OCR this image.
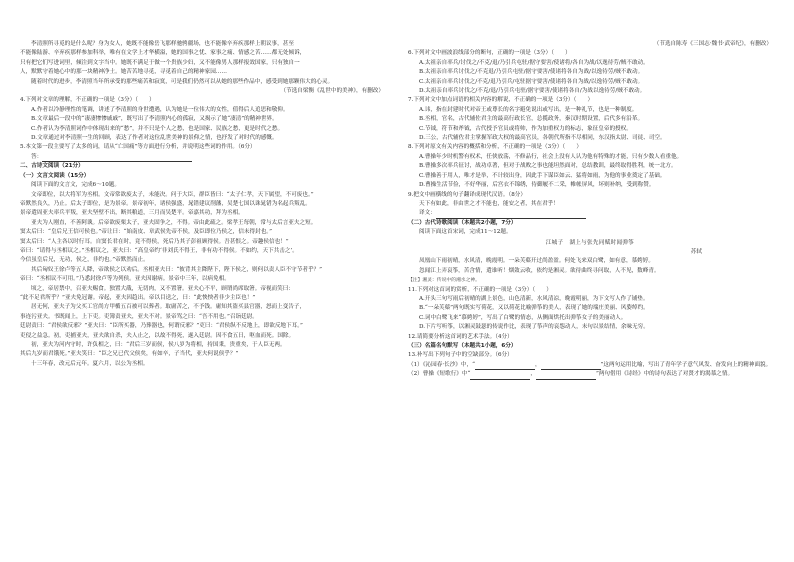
李清照所寻觅的是什么呢？身为女人，她既不能像岳飞那样驰骋疆场，也不能像辛弃疾那样上朝议事，甚至

不能像陆游、辛弃疾那样参加科举，唯有在文学上才华横溢，她的国事之忧、家事之痛、情感之苦……都无处倾诉，

只有把它们写进词里，倾注到文字当中。她既不满足于做一个贵族少妇，又不能像男人那样报效国家，只有独自一

人，默默守着她心中的那一块精神净土。她苦苦地寻觅，寻觅着自己的精神家园……

随着时代的进步，李清照当年所承受的那些痛苦和寂寞，可是我们仍然可以从她的那些作品中，感受到她那颗伟大的心灵。

（节选自梁衡《乱世中的美神》，有删改）

4.下列对文章的理解，不正确的一项是（3分）（　　）

A.作者以冷静理性的笔调，讲述了李清照的身世遭遇，认为她是一位伟大的女性，值得后人追思和敬仰。

B.文章最后一段中的“凄凄惨惨戚戚”，既写出了李清照内心的孤寂，又揭示了她“凄清”的精神世界。

C.作者认为李清照词作中体现出来的“愁”，并不只是个人之愁，也是国家、民族之愁，更是时代之愁。

D.文章通过对李清照一生的回顾，表达了作者对这位乱世美神的景仰之情，也抒发了对时代的感慨。

5.本文第一段主要写了太多的词，请从“亡国痛”等方面进行分析，并说明这些词的作用。（6分）

答：

二、古诗文阅读（21分）

（一）文言文阅读（15分）

阅读下面的文言文，完成6～10题。

文帝即位，以大将军为丞相。文帝常欲废太子，未能决。问于大臣，群臣皆曰：“太子仁孝，天下属望，不可废也。”

帝默然良久，乃止。后太子即位，是为景帝。景帝初年，诸侯强盛，晁错建议削藩，吴楚七国以诛晁错为名起兵叛乱。

景帝遣周亚夫率兵平叛，亚夫坚壁不出，断其粮道，三月而吴楚平。帝嘉其功，拜为丞相。

亚夫为人刚直，不善阿谀。后帝欲废栗太子，亚夫固争之，不得。帝由此疏之。梁孝王每朝，常与太后言亚夫之短。

窦太后曰：“皇后兄王信可侯也。”帝让曰：“始南皮、章武侯先帝不侯，及臣即位乃侯之，信未得封也。”

窦太后曰：“人主各以时行耳。自窦长君在时，竟不得侯，死后乃其子彭祖顾得侯。吾甚恨之。帝趣侯信也！”

帝曰：“请得与丞相议之。”丞相议之，亚夫曰：“高皇帝约‘非刘氏不得王，非有功不得侯。不如约，天下共击之’。

今信虽皇后兄，无功，侯之，非约也。”帝默然而止。

其后匈奴王徐卢等五人降，帝欲侯之以劝后。丞相亚夫曰：“彼背其主降陛下，陛下侯之，则何以责人臣不守节者乎？”

帝曰：“丞相议不可用。”乃悉封徐卢等为列侯。亚夫因谢病。景帝中三年，以病免相。

顷之，帝居禁中，召亚夫赐食。独置大胾，无切肉，又不置箸。亚夫心不平，顾谓尚席取箸。帝视而笑曰：

“此不足君所乎？”亚夫免冠谢。帝起，亚夫因趋出。帝以目送之，曰：“此怏怏者非少主臣也！”

居无何，亚夫子为父买工官尚方甲楯五百被可以葬者。取庸苦之，不予钱。庸知其盗买县官器，怒而上变告子，

事连污亚夫。书既闻上，上下吏。吏簿责亚夫，亚夫不对。景帝骂之曰：“吾不用也。”召诣廷尉。

廷尉责曰：“君侯欲反邪？”亚夫曰：“臣所买器，乃葬器也，何谓反邪？”吏曰：“君侯纵不反地上，即欲反地下耳。”

吏侵之益急。初，吏捕亚夫，亚夫欲自杀，夫人止之，以故不得死，遂入廷尉。因不食五日，呕血而死。国除。

初，亚夫为河内守时，许负相之，曰：“君后三岁而侯，侯八岁为将相，持国秉，贵重矣，于人臣无两。

其后九岁而君饿死。”亚夫笑曰：“臣之兄已代父侯矣，有如卒，子当代，亚夫何说侯乎？”

十三年春，改元后元年。夏六月，以公为丞相。

（节选自陈寿《三国志·魏书·武帝纪》，有删改）

6.下列对文中画波浪线部分的断句，正确的一项是（3分）（　　）

A.太祖亲自率兵/讨伐之/不克/退/乃引兵屯驻/据守要害/使诸将/各自为战/以逸待劳/贼不敢动。

B.太祖亲自率兵讨伐之/不克退/乃引兵屯驻/据守要害/使诸将各自为战/以逸待劳/贼不敢动。

C.太祖亲自率兵讨伐之/不克/退乃引兵/屯驻据守要害/使诸将各自为战/以逸待劳/贼不敢动。

D.太祖亲自率兵讨伐之/不克/退/乃引兵屯驻/据守要害/使诸将各自/为战以逸待劳/贼不敢动。

7.下列对文中加点词语的相关内容的解说，不正确的一项是（3分）（　　）

A.讳，指在封建时代对帝王或尊长的名字避免说出或写出，是一种礼节，也是一种制度。

B.丞相，官名，古代辅佐君主的最高行政长官，总揽政务，秦汉时期设置，后代多有沿革。

C.节钺，符节和斧钺，古代授予官员或将帅，作为加重权力的标志，象征皇帝的授权。

D.三公，古代辅佐君主掌握军政大权的最高官员，各朝代所指不尽相同，东汉指太尉、司徒、司空。

8.下列对原文有关内容的概括和分析，不正确的一项是（3分）（　　）

A.曹操年少时机警有权术，任侠放荡，不修品行，社会上没有人认为他有特殊的才能，只有少数人看重他。

B.曹操多次率兵征讨，战功卓著，但对于战败之事也能坦然面对，总结教训，最终取得胜利，统一北方。

C.曹操善于用人，唯才是举，不计较出身，因此手下谋臣如云、猛将如雨，为他的事业奠定了基础。

D.曹操生活节俭，不好华丽，后宫衣不锦绣，侍御履不二采，帷帐屏风，坏则补纳，受到称赞。

9.把文中画横线的句子翻译成现代汉语。（8分）

天下有如此，非由世之才不能也，能安之者，其在君乎！

译文：

（二）古代诗歌阅读（本题共2小题，7分）

阅读下面这首宋词，完成11～12题。

江城子　湖上与张先同赋时闻弹筝

苏轼

凤凰山下雨初晴，水风清，晚霞明。一朵芙蕖开过尚盈盈。何处飞来双白鹭，如有意，慕娉婷。

忽闻江上弄哀筝，苦含情，遣谁听！烟敛云收，依约是湘灵。欲待曲终寻问取，人不见，数峰青。

【注】湘灵：传说中的湘水之神。

11.下列对这首词的赏析，不正确的一项是（3分）（　　）

A.开头三句写雨后初晴的湖上景色，山色清新，水风清凉，晚霞明丽，为下文写人作了铺垫。

B.“一朵芙蕖”两句既实写荷花，又以荷花比喻弹筝的美人，表现了她的端庄美丽、风姿绰约。

C.词中白鹭飞来“慕娉婷”，写出了白鹭的情态，从侧面烘托出弹筝女子的美丽动人。

D.下片写听筝，以湘灵鼓瑟的传说作比，表现了筝声的哀怨动人，末句以景结情，余味无穷。

12.请简要分析这首词的艺术手法。（4分）

（三）名篇名句默写（本题共1小题，6分）

13.补写出下列句子中的空缺部分。（6分）

（1）《沁园春·长沙》中，“	，	”这两句运用比喻，写出了青年学子意气风发、奋发向上的精神面貌。

（2）曹操《短歌行》中“	，	”两句借用《诗经》中的诗句表达了对贤才的渴慕之情。
